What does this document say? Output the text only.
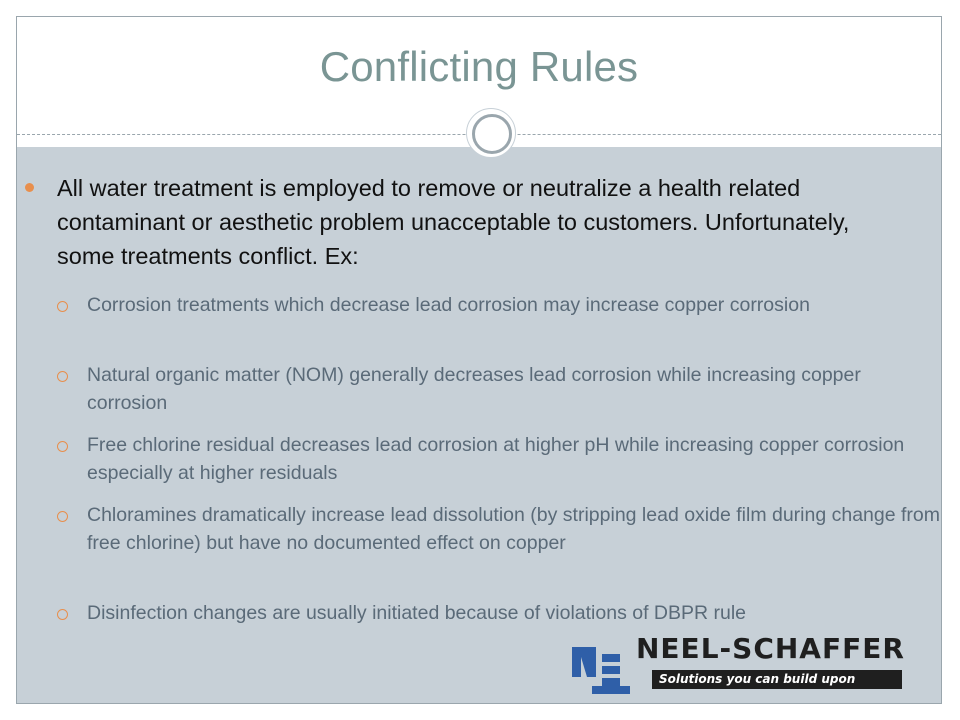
Conflicting Rules
All water treatment is employed to remove or neutralize a health related contaminant or aesthetic problem unacceptable to customers. Unfortunately, some treatments conflict. Ex:
Corrosion treatments which decrease lead corrosion may increase copper corrosion
Natural organic matter (NOM) generally decreases lead corrosion while increasing copper corrosion
Free chlorine residual decreases lead corrosion at higher pH while increasing copper corrosion especially at higher residuals
Chloramines dramatically increase lead dissolution (by stripping lead oxide film during change from free chlorine) but have no documented effect on copper
Disinfection changes are usually initiated because of violations of DBPR rule
NEEL-SCHAFFER
Solutions you can build upon
